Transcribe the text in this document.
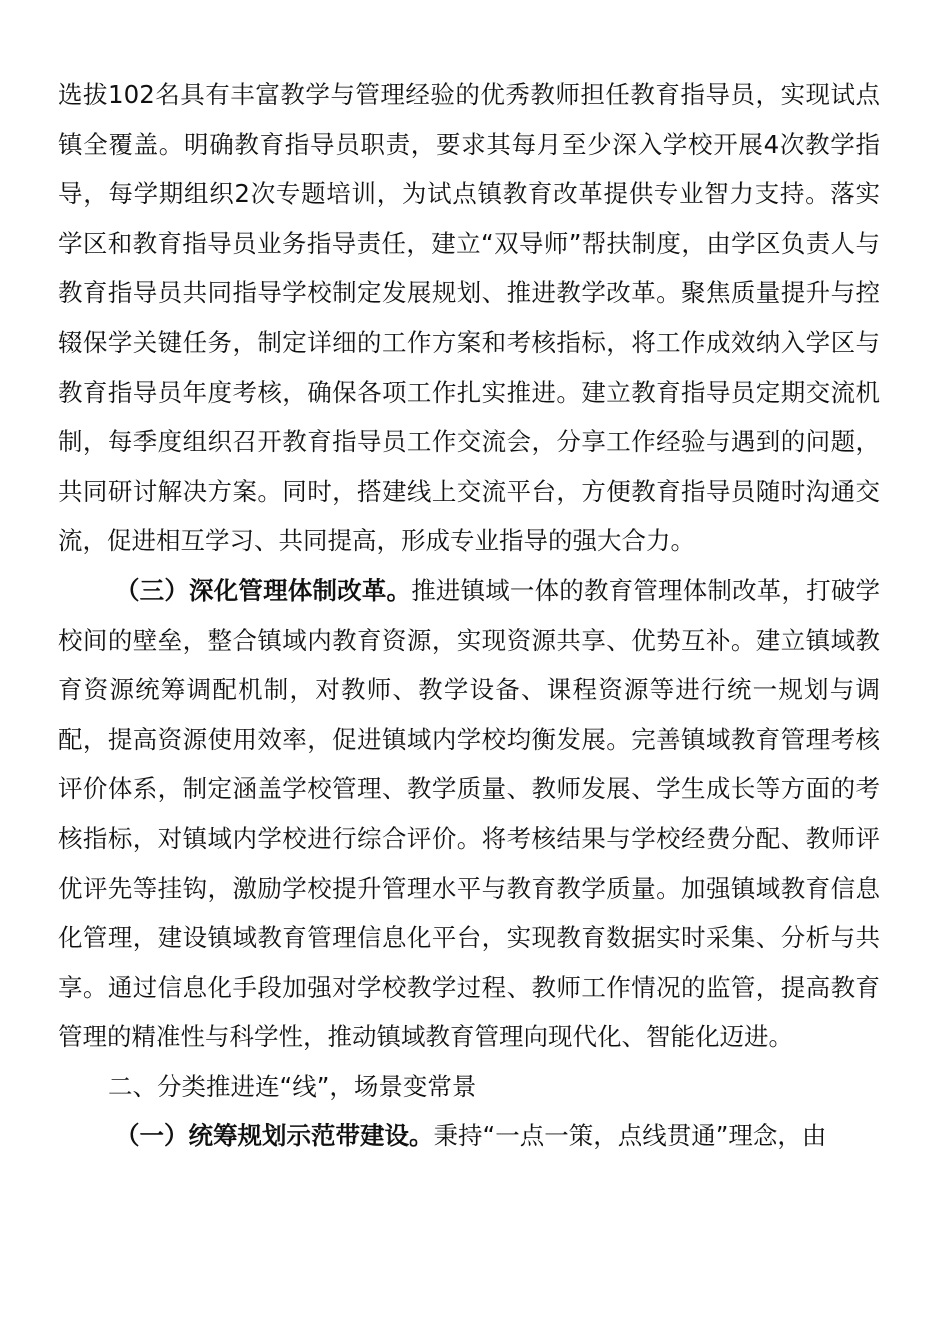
选拔102名具有丰富教学与管理经验的优秀教师担任教育指导员，实现试点镇全覆盖。明确教育指导员职责，要求其每月至少深入学校开展4次教学指导，每学期组织2次专题培训，为试点镇教育改革提供专业智力支持。落实学区和教育指导员业务指导责任，建立“双导师”帮扶制度，由学区负责人与教育指导员共同指导学校制定发展规划、推进教学改革。聚焦质量提升与控辍保学关键任务，制定详细的工作方案和考核指标，将工作成效纳入学区与教育指导员年度考核，确保各项工作扎实推进。建立教育指导员定期交流机制，每季度组织召开教育指导员工作交流会，分享工作经验与遇到的问题，共同研讨解决方案。同时，搭建线上交流平台，方便教育指导员随时沟通交流，促进相互学习、共同提高，形成专业指导的强大合力。

（三）深化管理体制改革。推进镇域一体的教育管理体制改革，打破学校间的壁垒，整合镇域内教育资源，实现资源共享、优势互补。建立镇域教育资源统筹调配机制，对教师、教学设备、课程资源等进行统一规划与调配，提高资源使用效率，促进镇域内学校均衡发展。完善镇域教育管理考核评价体系，制定涵盖学校管理、教学质量、教师发展、学生成长等方面的考核指标，对镇域内学校进行综合评价。将考核结果与学校经费分配、教师评优评先等挂钩，激励学校提升管理水平与教育教学质量。加强镇域教育信息化管理，建设镇域教育管理信息化平台，实现教育数据实时采集、分析与共享。通过信息化手段加强对学校教学过程、教师工作情况的监管，提高教育管理的精准性与科学性，推动镇域教育管理向现代化、智能化迈进。

二、分类推进连“线”，场景变常景

（一）统筹规划示范带建设。秉持“一点一策，点线贯通”理念，由
